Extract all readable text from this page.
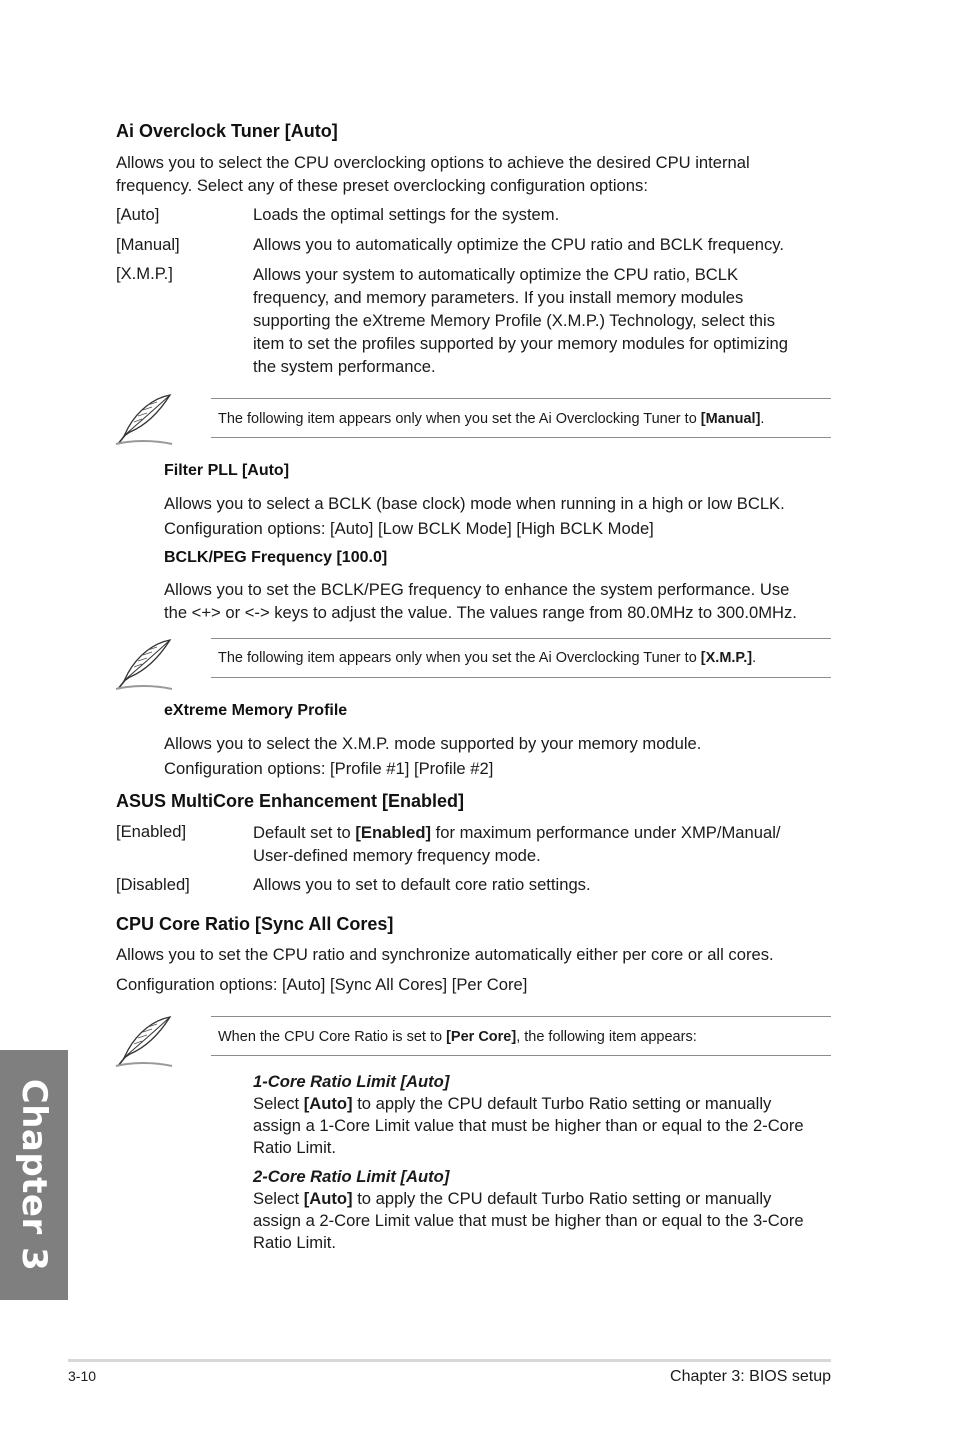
Ai Overclock Tuner [Auto]
Allows you to select the CPU overclocking options to achieve the desired CPU internal
frequency. Select any of these preset overclocking configuration options:
[Auto]	Loads the optimal settings for the system.
[Manual]	Allows you to automatically optimize the CPU ratio and BCLK frequency.
[X.M.P.]	Allows your system to automatically optimize the CPU ratio, BCLK
frequency, and memory parameters. If you install memory modules
supporting the eXtreme Memory Profile (X.M.P.) Technology, select this
item to set the profiles supported by your memory modules for optimizing
the system performance.
The following item appears only when you set the Ai Overclocking Tuner to [Manual].
Filter PLL [Auto]
Allows you to select a BCLK (base clock) mode when running in a high or low BCLK.
Configuration options: [Auto] [Low BCLK Mode] [High BCLK Mode]
BCLK/PEG Frequency [100.0]
Allows you to set the BCLK/PEG frequency to enhance the system performance. Use
the <+> or <-> keys to adjust the value. The values range from 80.0MHz to 300.0MHz.
The following item appears only when you set the Ai Overclocking Tuner to [X.M.P.].
eXtreme Memory Profile
Allows you to select the X.M.P. mode supported by your memory module.
Configuration options: [Profile #1] [Profile #2]
ASUS MultiCore Enhancement [Enabled]
[Enabled]	Default set to [Enabled] for maximum performance under XMP/Manual/
User-defined memory frequency mode.
[Disabled]	Allows you to set to default core ratio settings.
CPU Core Ratio [Sync All Cores]
Allows you to set the CPU ratio and synchronize automatically either per core or all cores.
Configuration options: [Auto] [Sync All Cores] [Per Core]
When the CPU Core Ratio is set to [Per Core], the following item appears:
1-Core Ratio Limit [Auto]
Select [Auto] to apply the CPU default Turbo Ratio setting or manually
assign a 1-Core Limit value that must be higher than or equal to the 2-Core
Ratio Limit.
2-Core Ratio Limit [Auto]
Select [Auto] to apply the CPU default Turbo Ratio setting or manually
assign a 2-Core Limit value that must be higher than or equal to the 3-Core
Ratio Limit.
Chapter 3
3-10	Chapter 3: BIOS setup
